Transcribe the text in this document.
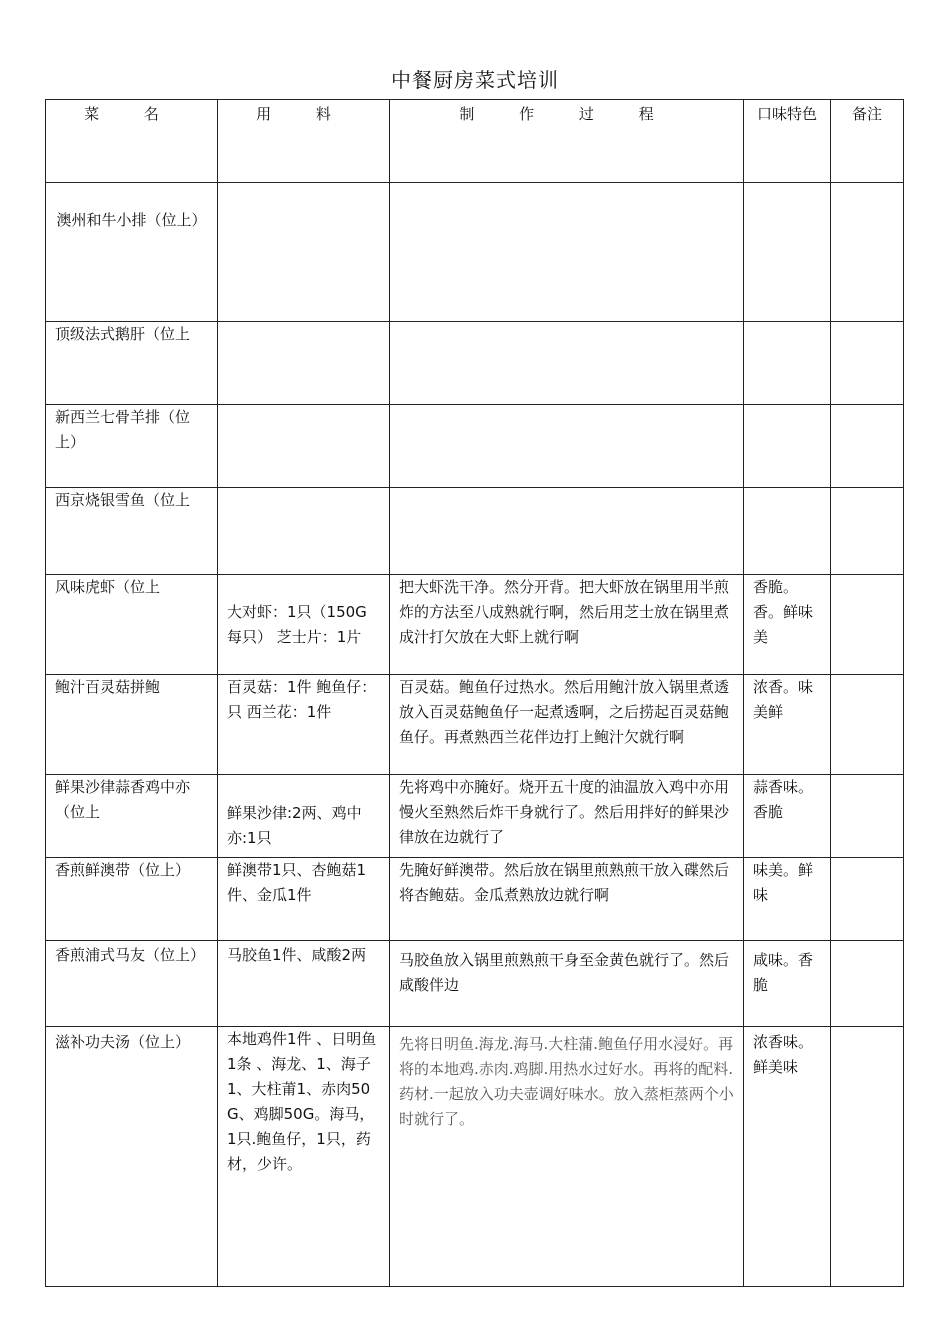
中餐厨房菜式培训
菜 名	用 料	制 作 过 程	口味特色	备注
澳州和牛小排（位上）				
顶级法式鹅肝（位上				
新西兰七骨羊排（位上）				
西京烧银雪鱼（位上				
风味虎虾（位上	大对虾：1只（150G每只） 芝士片：1片	把大虾洗干净。然分开背。把大虾放在锅里用半煎炸的方法至八成熟就行啊，然后用芝士放在锅里煮成汁打欠放在大虾上就行啊	香脆。香。鲜味美	
鲍汁百灵菇拼鲍	百灵菇：1件 鲍鱼仔：只 西兰花：1件	百灵菇。鲍鱼仔过热水。然后用鲍汁放入锅里煮透放入百灵菇鲍鱼仔一起煮透啊，之后捞起百灵菇鲍鱼仔。再煮熟西兰花伴边打上鲍汁欠就行啊	浓香。味美鲜	
鲜果沙律蒜香鸡中亦（位上	鲜果沙律:2两、鸡中亦:1只	先将鸡中亦腌好。烧开五十度的油温放入鸡中亦用慢火至熟然后炸干身就行了。然后用拌好的鲜果沙律放在边就行了	蒜香味。香脆	
香煎鲜澳带（位上）	鲜澳带1只、杏鲍菇1件、金瓜1件	先腌好鲜澳带。然后放在锅里煎熟煎干放入碟然后将杏鲍菇。金瓜煮熟放边就行啊	味美。鲜味	
香煎浦式马友（位上）	马胶鱼1件、咸酸2两	马胶鱼放入锅里煎熟煎干身至金黄色就行了。然后咸酸伴边	咸味。香脆	
滋补功夫汤（位上）	本地鸡件1件 、日明鱼1条 、海龙、1、海子1、大柱莆1、赤肉50G、鸡脚50G。海马，1只.鲍鱼仔，1只，药材，少许。	先将日明鱼.海龙.海马.大柱蒲.鲍鱼仔用水浸好。再将的本地鸡.赤肉.鸡脚.用热水过好水。再将的配料.药材.一起放入功夫壶调好味水。放入蒸柜蒸两个小时就行了。	浓香味。鲜美味	
